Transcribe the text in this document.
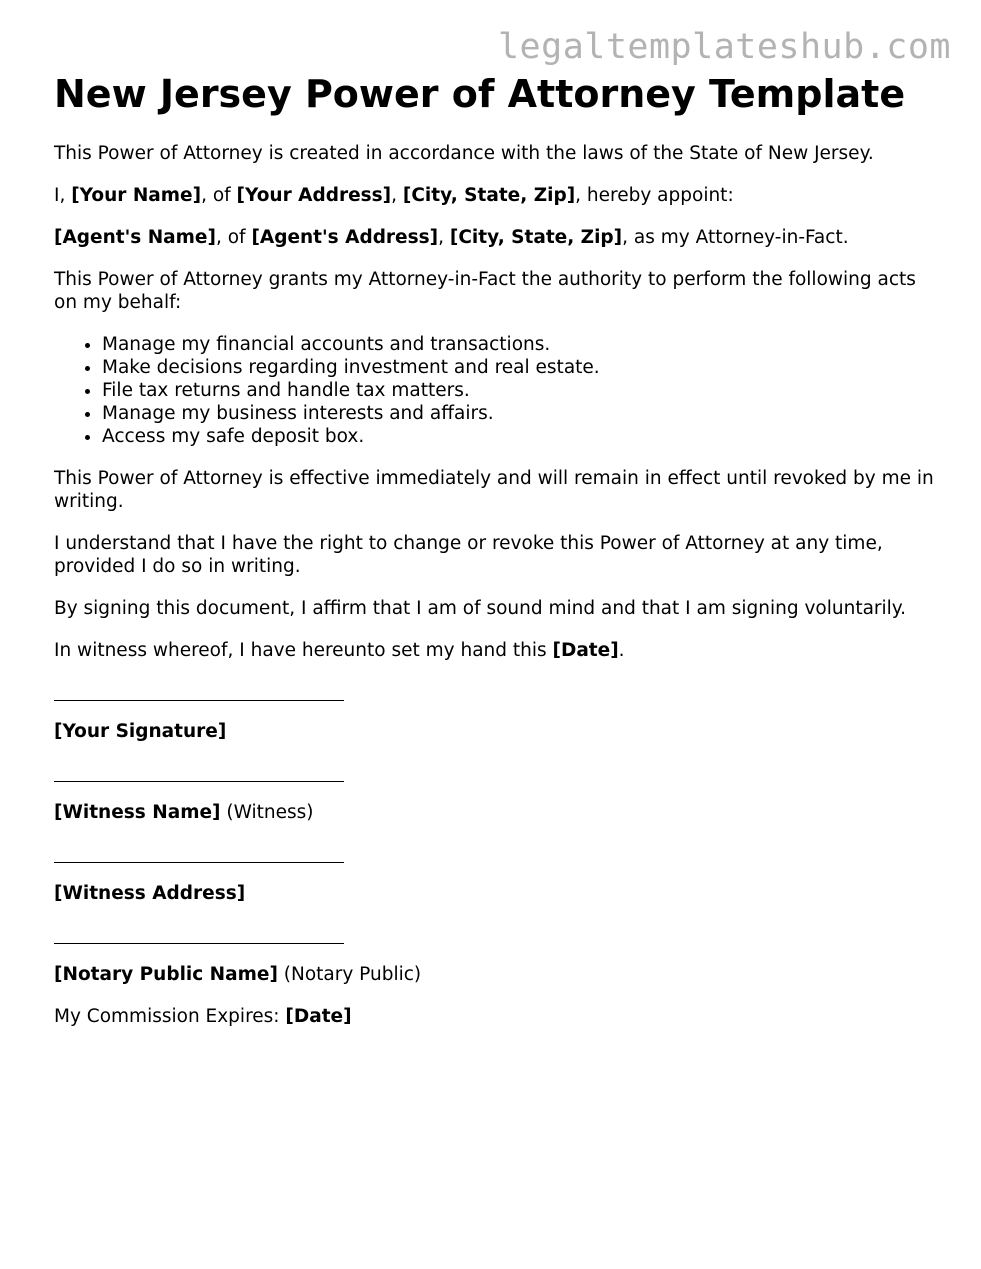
legaltemplateshub.com
New Jersey Power of Attorney Template

This Power of Attorney is created in accordance with the laws of the State of New Jersey.

I, [Your Name], of [Your Address], [City, State, Zip], hereby appoint:

[Agent's Name], of [Agent's Address], [City, State, Zip], as my Attorney-in-Fact.

This Power of Attorney grants my Attorney-in-Fact the authority to perform the following acts on my behalf:

• Manage my financial accounts and transactions.
• Make decisions regarding investment and real estate.
• File tax returns and handle tax matters.
• Manage my business interests and affairs.
• Access my safe deposit box.

This Power of Attorney is effective immediately and will remain in effect until revoked by me in writing.

I understand that I have the right to change or revoke this Power of Attorney at any time, provided I do so in writing.

By signing this document, I affirm that I am of sound mind and that I am signing voluntarily.

In witness whereof, I have hereunto set my hand this [Date].

[Your Signature]

[Witness Name] (Witness)

[Witness Address]

[Notary Public Name] (Notary Public)

My Commission Expires: [Date]
